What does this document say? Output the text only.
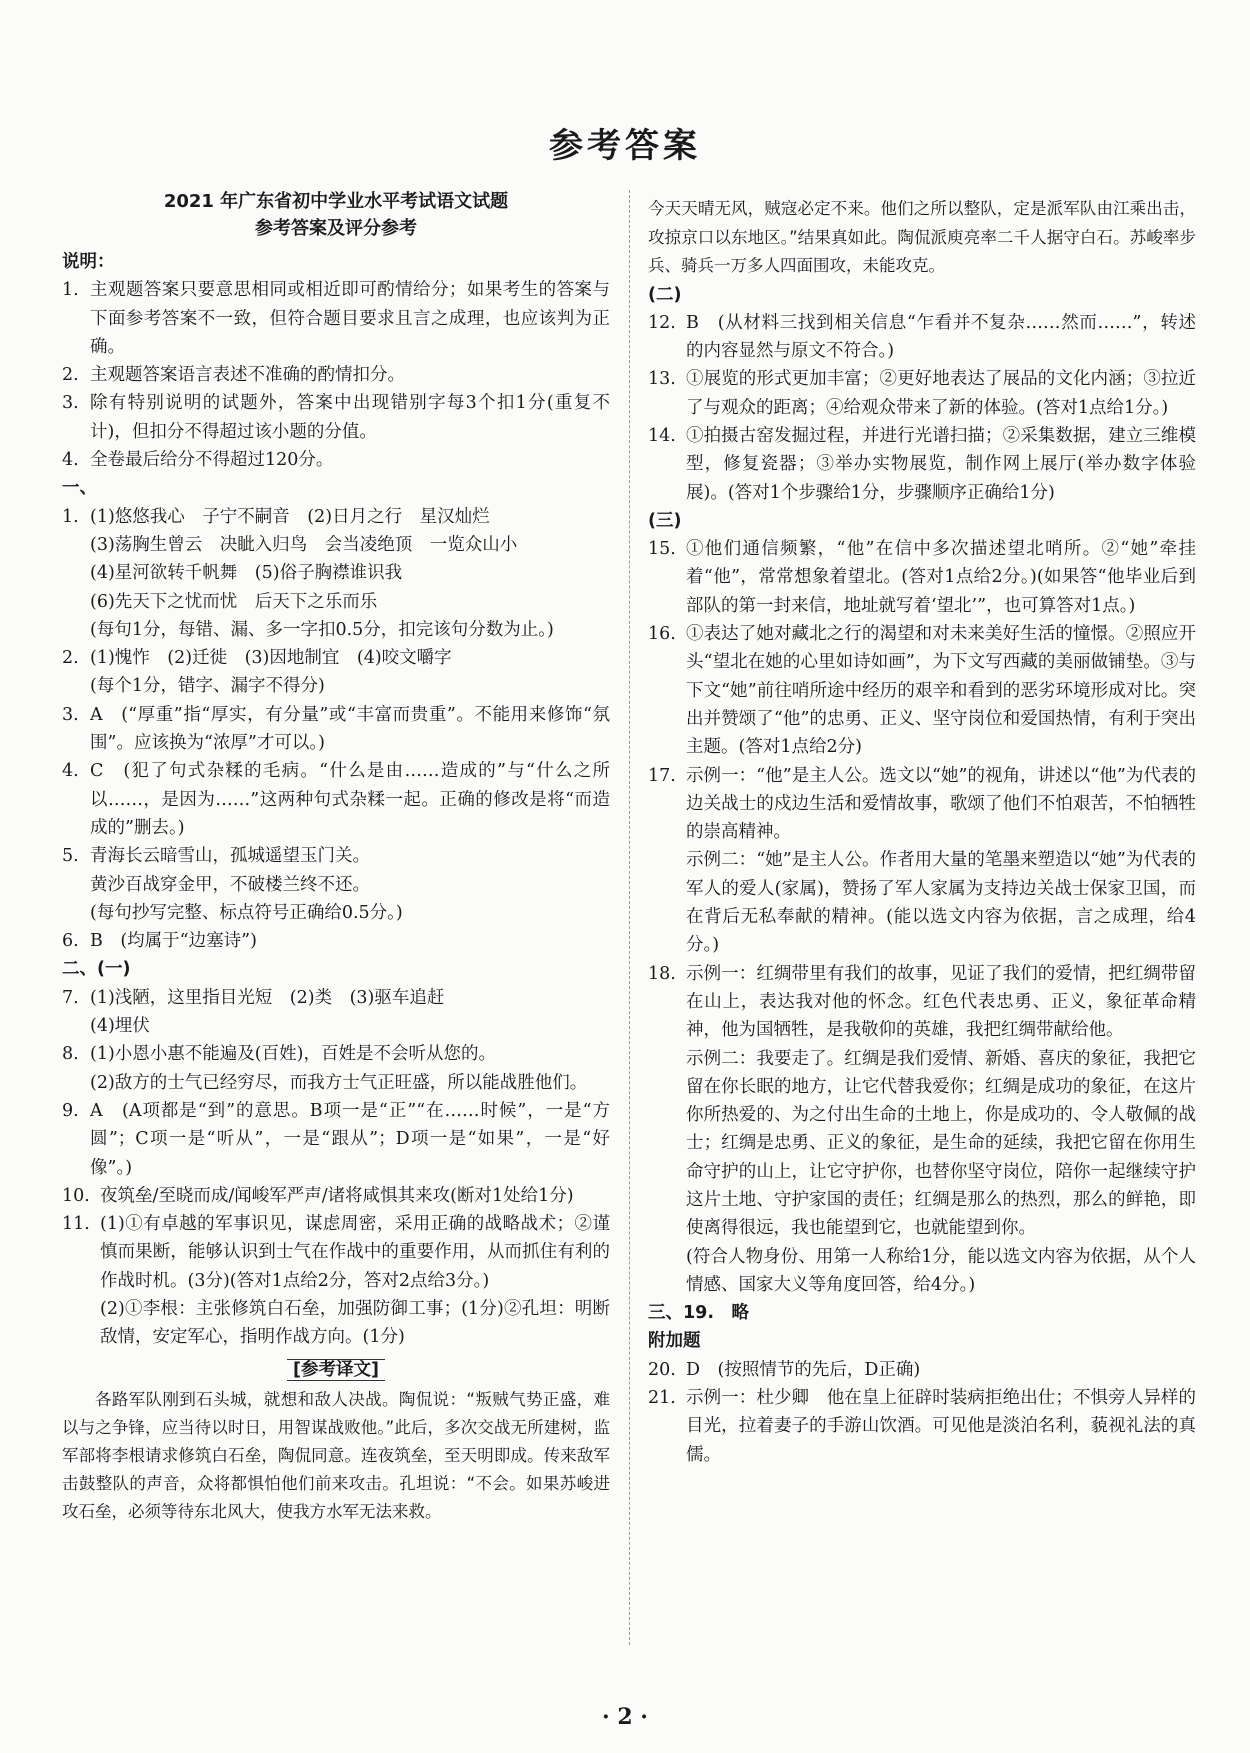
参考答案
2021 年广东省初中学业水平考试语文试题
参考答案及评分参考
说明：
1. 主观题答案只要意思相同或相近即可酌情给分；如果考生的答案与下面参考答案不一致，但符合题目要求且言之成理，也应该判为正确。
2. 主观题答案语言表述不准确的酌情扣分。
3. 除有特别说明的试题外，答案中出现错别字每3个扣1分(重复不计)，但扣分不得超过该小题的分值。
4. 全卷最后给分不得超过120分。
一、
1. (1)悠悠我心　子宁不嗣音　(2)日月之行　星汉灿烂
(3)荡胸生曾云　决眦入归鸟　会当凌绝顶　一览众山小
(4)星河欲转千帆舞　(5)俗子胸襟谁识我
(6)先天下之忧而忧　后天下之乐而乐
(每句1分，每错、漏、多一字扣0.5分，扣完该句分数为止。)
2. (1)愧怍　(2)迁徙　(3)因地制宜　(4)咬文嚼字
(每个1分，错字、漏字不得分)
3. A　(“厚重”指“厚实，有分量”或“丰富而贵重”。不能用来修饰“氛围”。应该换为“浓厚”才可以。)
4. C　(犯了句式杂糅的毛病。“什么是由……造成的”与“什么之所以……，是因为……”这两种句式杂糅一起。正确的修改是将“而造成的”删去。)
5. 青海长云暗雪山，孤城遥望玉门关。
黄沙百战穿金甲，不破楼兰终不还。
(每句抄写完整、标点符号正确给0.5分。)
6. B　(均属于“边塞诗”)
二、(一)
7. (1)浅陋，这里指目光短　(2)类　(3)驱车追赶
(4)埋伏
8. (1)小恩小惠不能遍及(百姓)，百姓是不会听从您的。
(2)敌方的士气已经穷尽，而我方士气正旺盛，所以能战胜他们。
9. A　(A项都是“到”的意思。B项一是“正”“在……时候”，一是“方圆”；C项一是“听从”，一是“跟从”；D项一是“如果”，一是“好像”。)
10. 夜筑垒/至晓而成/闻峻军严声/诸将咸惧其来攻(断对1处给1分)
11. (1)①有卓越的军事识见，谋虑周密，采用正确的战略战术；②谨慎而果断，能够认识到士气在作战中的重要作用，从而抓住有利的作战时机。(3分)(答对1点给2分，答对2点给3分。)
(2)①李根：主张修筑白石垒，加强防御工事；(1分)②孔坦：明断敌情，安定军心，指明作战方向。(1分)
[参考译文]
各路军队刚到石头城，就想和敌人决战。陶侃说：“叛贼气势正盛，难以与之争锋，应当待以时日，用智谋战败他。”此后，多次交战无所建树，监军部将李根请求修筑白石垒，陶侃同意。连夜筑垒，至天明即成。传来敌军击鼓整队的声音，众将都惧怕他们前来攻击。孔坦说：“不会。如果苏峻进攻石垒，必须等待东北风大，使我方水军无法来救。
今天天晴无风，贼寇必定不来。他们之所以整队，定是派军队由江乘出击，攻掠京口以东地区。”结果真如此。陶侃派庾亮率二千人据守白石。苏峻率步兵、骑兵一万多人四面围攻，未能攻克。
(二)
12. B　(从材料三找到相关信息“乍看并不复杂……然而……”，转述的内容显然与原文不符合。)
13. ①展览的形式更加丰富；②更好地表达了展品的文化内涵；③拉近了与观众的距离；④给观众带来了新的体验。(答对1点给1分。)
14. ①拍摄古窑发掘过程，并进行光谱扫描；②采集数据，建立三维模型，修复瓷器；③举办实物展览，制作网上展厅(举办数字体验展)。(答对1个步骤给1分，步骤顺序正确给1分)
(三)
15. ①他们通信频繁，“他”在信中多次描述望北哨所。②“她”牵挂着“他”，常常想象着望北。(答对1点给2分。)(如果答“他毕业后到部队的第一封来信，地址就写着‘望北’”，也可算答对1点。)
16. ①表达了她对藏北之行的渴望和对未来美好生活的憧憬。②照应开头“望北在她的心里如诗如画”，为下文写西藏的美丽做铺垫。③与下文“她”前往哨所途中经历的艰辛和看到的恶劣环境形成对比。突出并赞颂了“他”的忠勇、正义、坚守岗位和爱国热情，有利于突出主题。(答对1点给2分)
17. 示例一：“他”是主人公。选文以“她”的视角，讲述以“他”为代表的边关战士的戍边生活和爱情故事，歌颂了他们不怕艰苦，不怕牺牲的崇高精神。
示例二：“她”是主人公。作者用大量的笔墨来塑造以“她”为代表的军人的爱人(家属)，赞扬了军人家属为支持边关战士保家卫国，而在背后无私奉献的精神。(能以选文内容为依据，言之成理，给4分。)
18. 示例一：红绸带里有我们的故事，见证了我们的爱情，把红绸带留在山上，表达我对他的怀念。红色代表忠勇、正义，象征革命精神，他为国牺牲，是我敬仰的英雄，我把红绸带献给他。
示例二：我要走了。红绸是我们爱情、新婚、喜庆的象征，我把它留在你长眠的地方，让它代替我爱你；红绸是成功的象征，在这片你所热爱的、为之付出生命的土地上，你是成功的、令人敬佩的战士；红绸是忠勇、正义的象征，是生命的延续，我把它留在你用生命守护的山上，让它守护你，也替你坚守岗位，陪你一起继续守护这片土地、守护家国的责任；红绸是那么的热烈，那么的鲜艳，即使离得很远，我也能望到它，也就能望到你。
(符合人物身份、用第一人称给1分，能以选文内容为依据，从个人情感、国家大义等角度回答，给4分。)
三、19.　略
附加题
20. D　(按照情节的先后，D正确)
21. 示例一：杜少卿　他在皇上征辟时装病拒绝出仕；不惧旁人异样的目光，拉着妻子的手游山饮酒。可见他是淡泊名利，藐视礼法的真儒。
· 2 ·
